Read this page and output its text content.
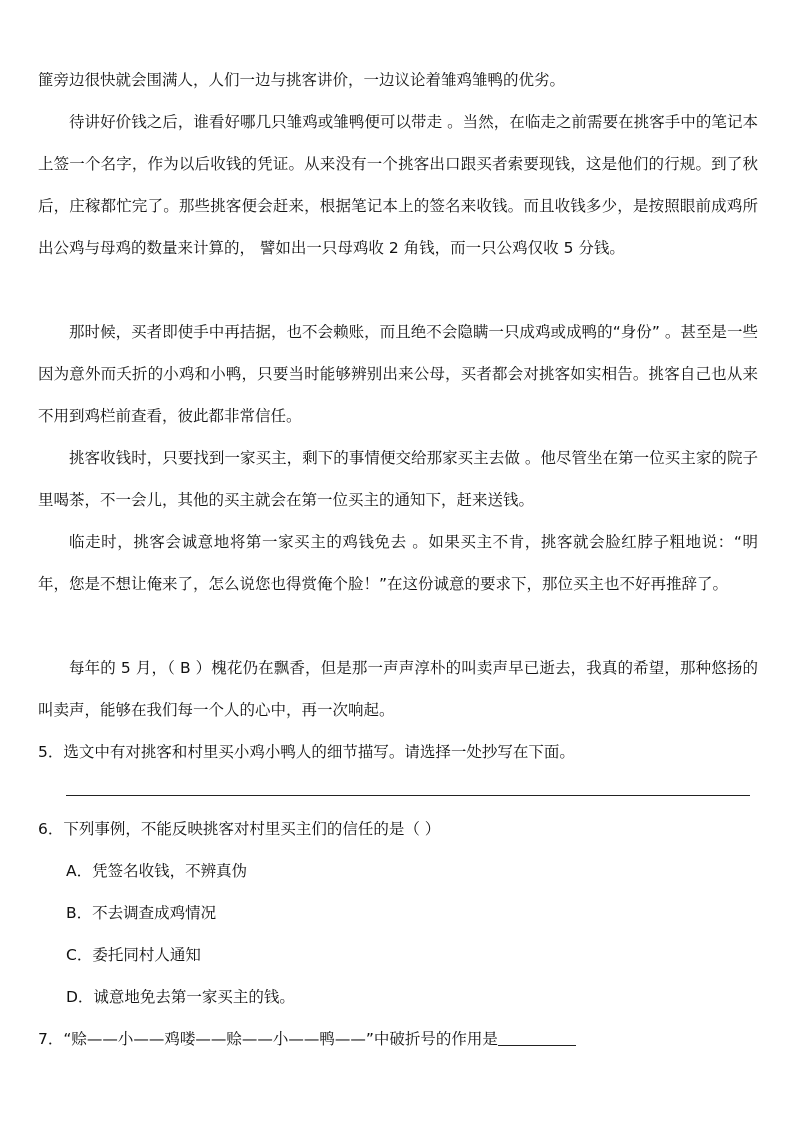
篚旁边很快就会围满人，人们一边与挑客讲价，一边议论着雏鸡雏鸭的优劣。

待讲好价钱之后，谁看好哪几只雏鸡或雏鸭便可以带走 。当然，在临走之前需要在挑客手中的笔记本上签一个名字，作为以后收钱的凭证。从来没有一个挑客出口跟买者索要现钱，这是他们的行规。到了秋后，庄稼都忙完了。那些挑客便会赶来，根据笔记本上的签名来收钱。而且收钱多少，是按照眼前成鸡所出公鸡与母鸡的数量来计算的， 譬如出一只母鸡收 2 角钱，而一只公鸡仅收 5 分钱。

那时候，买者即使手中再拮据，也不会赖账，而且绝不会隐瞒一只成鸡或成鸭的“身份” 。甚至是一些因为意外而夭折的小鸡和小鸭，只要当时能够辨别出来公母，买者都会对挑客如实相告。挑客自己也从来不用到鸡栏前查看，彼此都非常信任。

挑客收钱时，只要找到一家买主，剩下的事情便交给那家买主去做 。他尽管坐在第一位买主家的院子里喝茶，不一会儿，其他的买主就会在第一位买主的通知下，赶来送钱。

临走时，挑客会诚意地将第一家买主的鸡钱免去 。如果买主不肯，挑客就会脸红脖子粗地说：“明年，您是不想让俺来了，怎么说您也得赏俺个脸！”在这份诚意的要求下，那位买主也不好再推辞了。

每年的 5 月，（ B ）槐花仍在飘香，但是那一声声淳朴的叫卖声早已逝去，我真的希望，那种悠扬的叫卖声，能够在我们每一个人的心中，再一次响起。

5．选文中有对挑客和村里买小鸡小鸭人的细节描写。请选择一处抄写在下面。

6．下列事例，不能反映挑客对村里买主们的信任的是（ ）

A．凭签名收钱，不辨真伪

B．不去调查成鸡情况

C．委托同村人通知

D．诚意地免去第一家买主的钱。

7．“赊——小——鸡喽——赊——小——鸭——”中破折号的作用是
